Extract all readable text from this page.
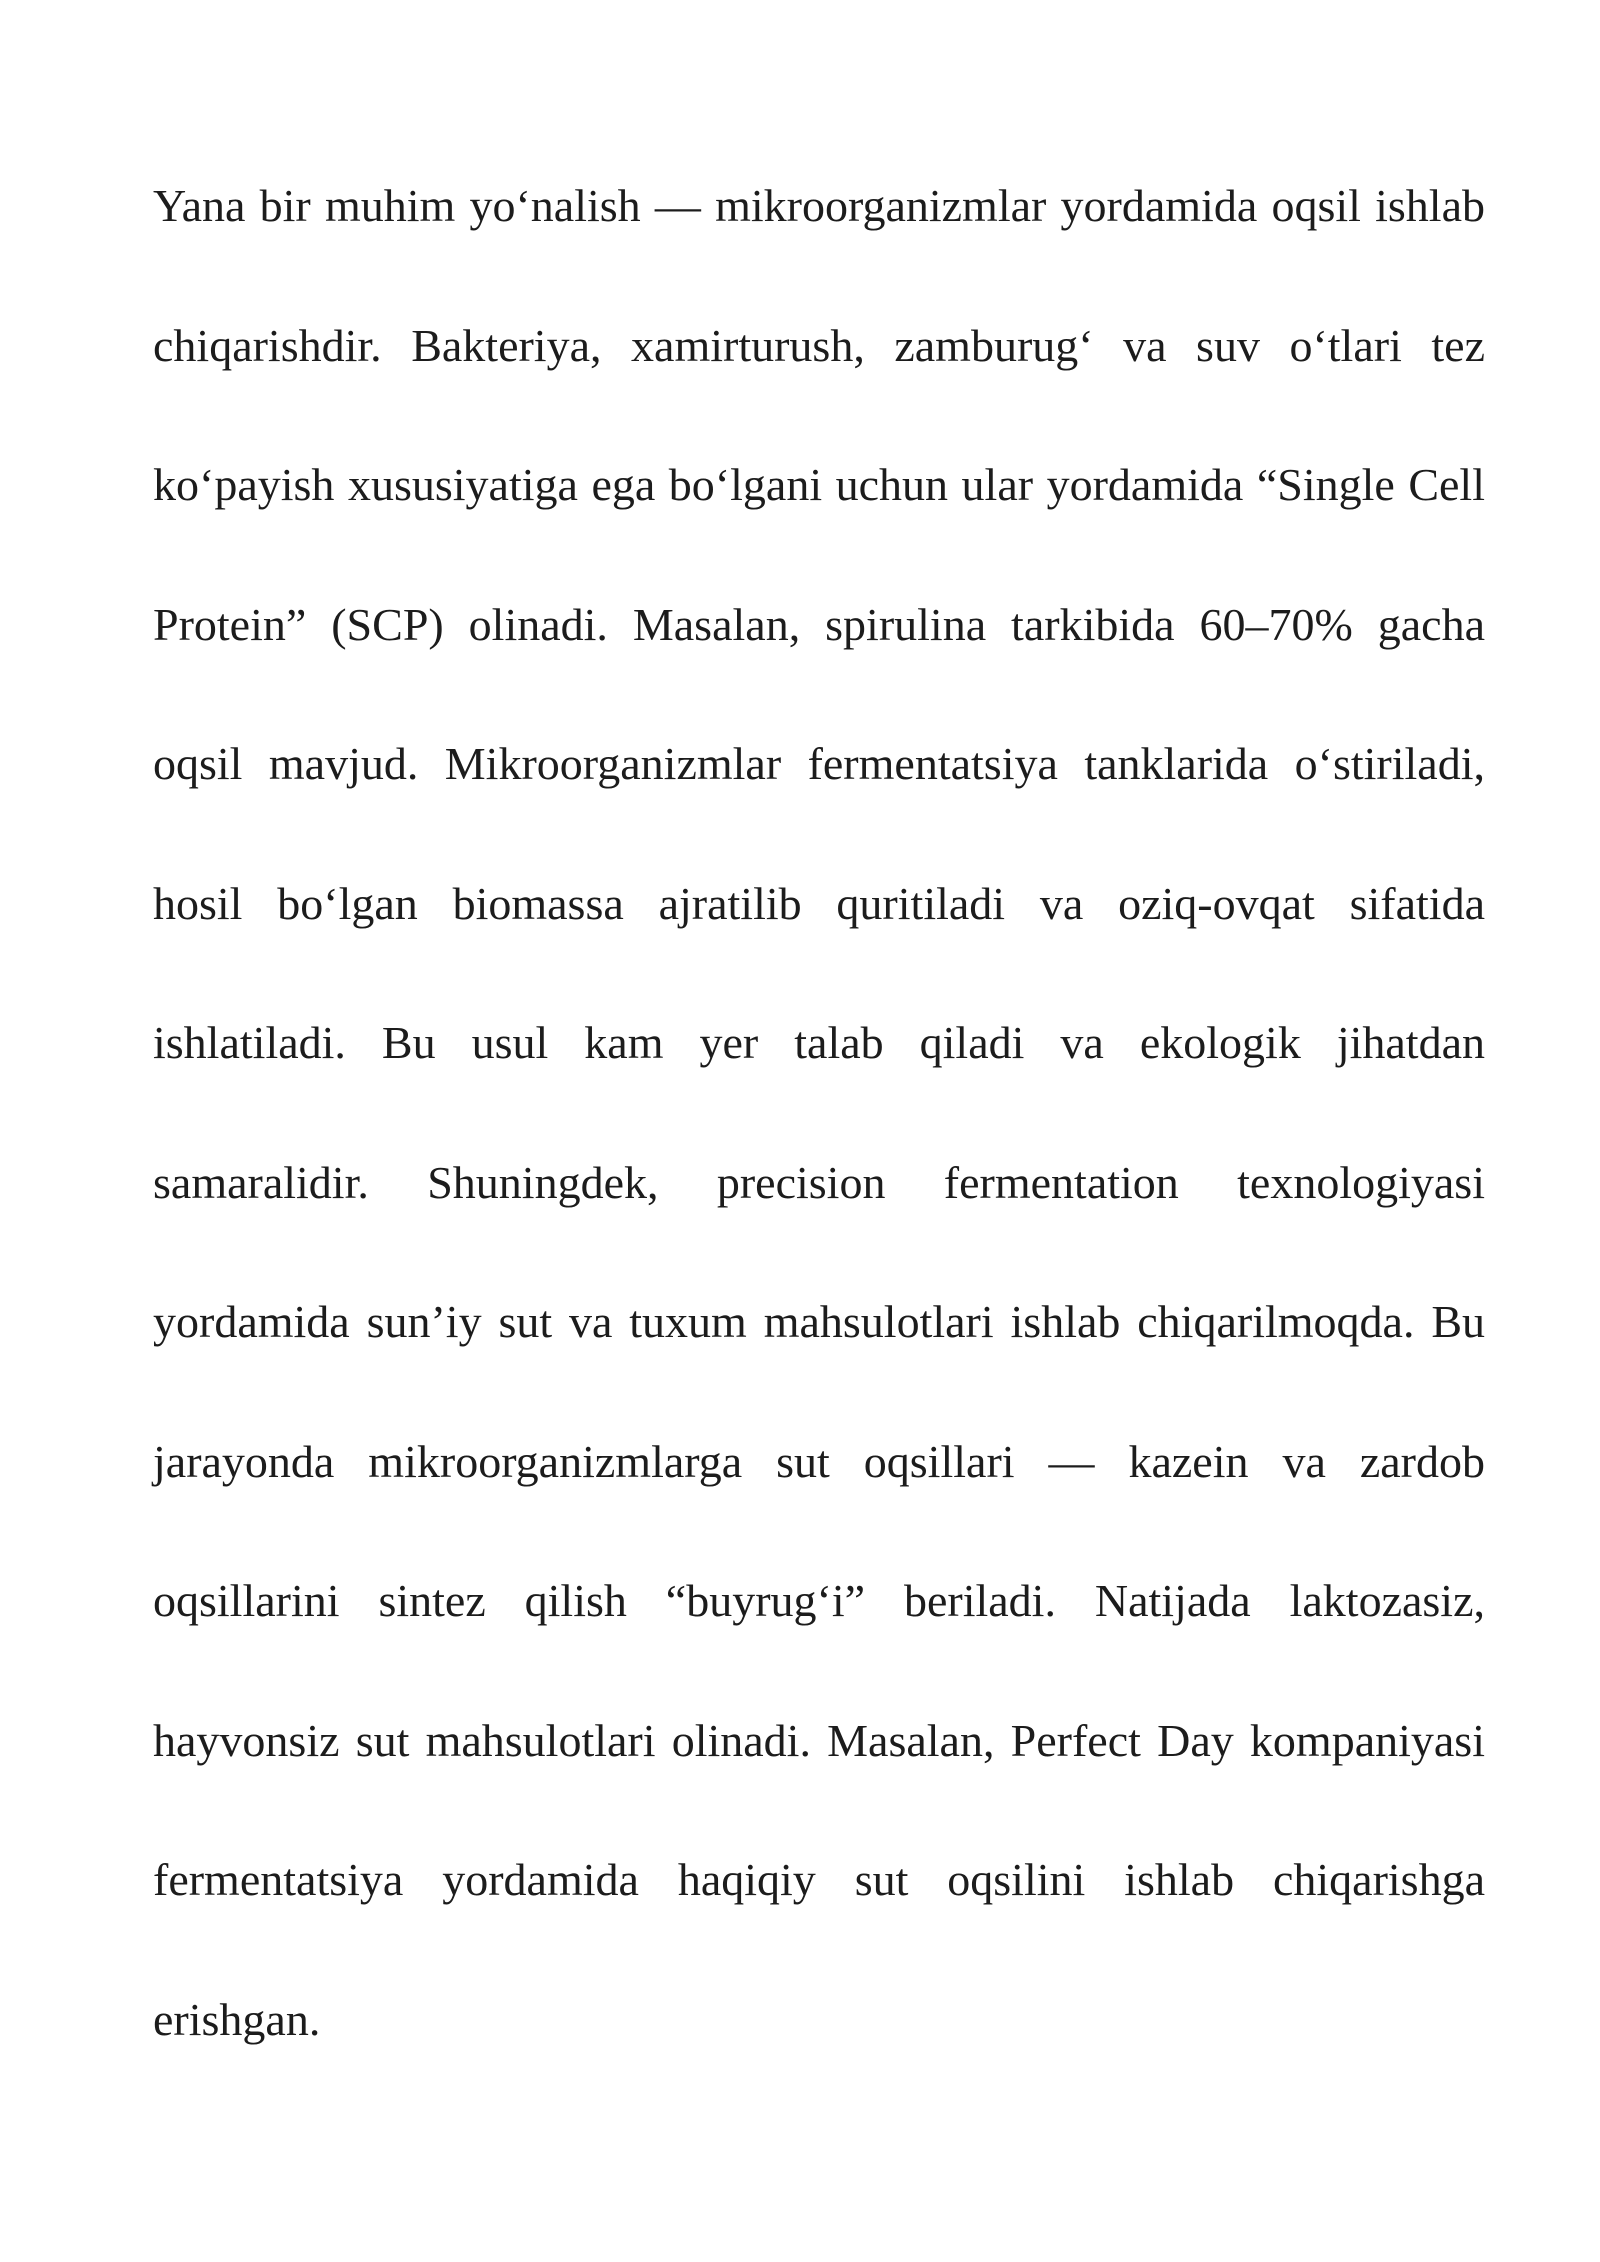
Yana bir muhim yo‘nalish — mikroorganizmlar yordamida oqsil ishlab chiqarishdir. Bakteriya, xamirturush, zamburug‘ va suv o‘tlari tez ko‘payish xususiyatiga ega bo‘lgani uchun ular yordamida “Single Cell Protein” (SCP) olinadi. Masalan, spirulina tarkibida 60–70% gacha oqsil mavjud. Mikroorganizmlar fermentatsiya tanklarida o‘stiriladi, hosil bo‘lgan biomassa ajratilib quritiladi va oziq-ovqat sifatida ishlatiladi. Bu usul kam yer talab qiladi va ekologik jihatdan samaralidir. Shuningdek, precision fermentation texnologiyasi yordamida sun’iy sut va tuxum mahsulotlari ishlab chiqarilmoqda. Bu jarayonda mikroorganizmlarga sut oqsillari — kazein va zardob oqsillarini sintez qilish “buyrug‘i” beriladi. Natijada laktozasiz, hayvonsiz sut mahsulotlari olinadi. Masalan, Perfect Day kompaniyasi fermentatsiya yordamida haqiqiy sut oqsilini ishlab chiqarishga erishgan.
